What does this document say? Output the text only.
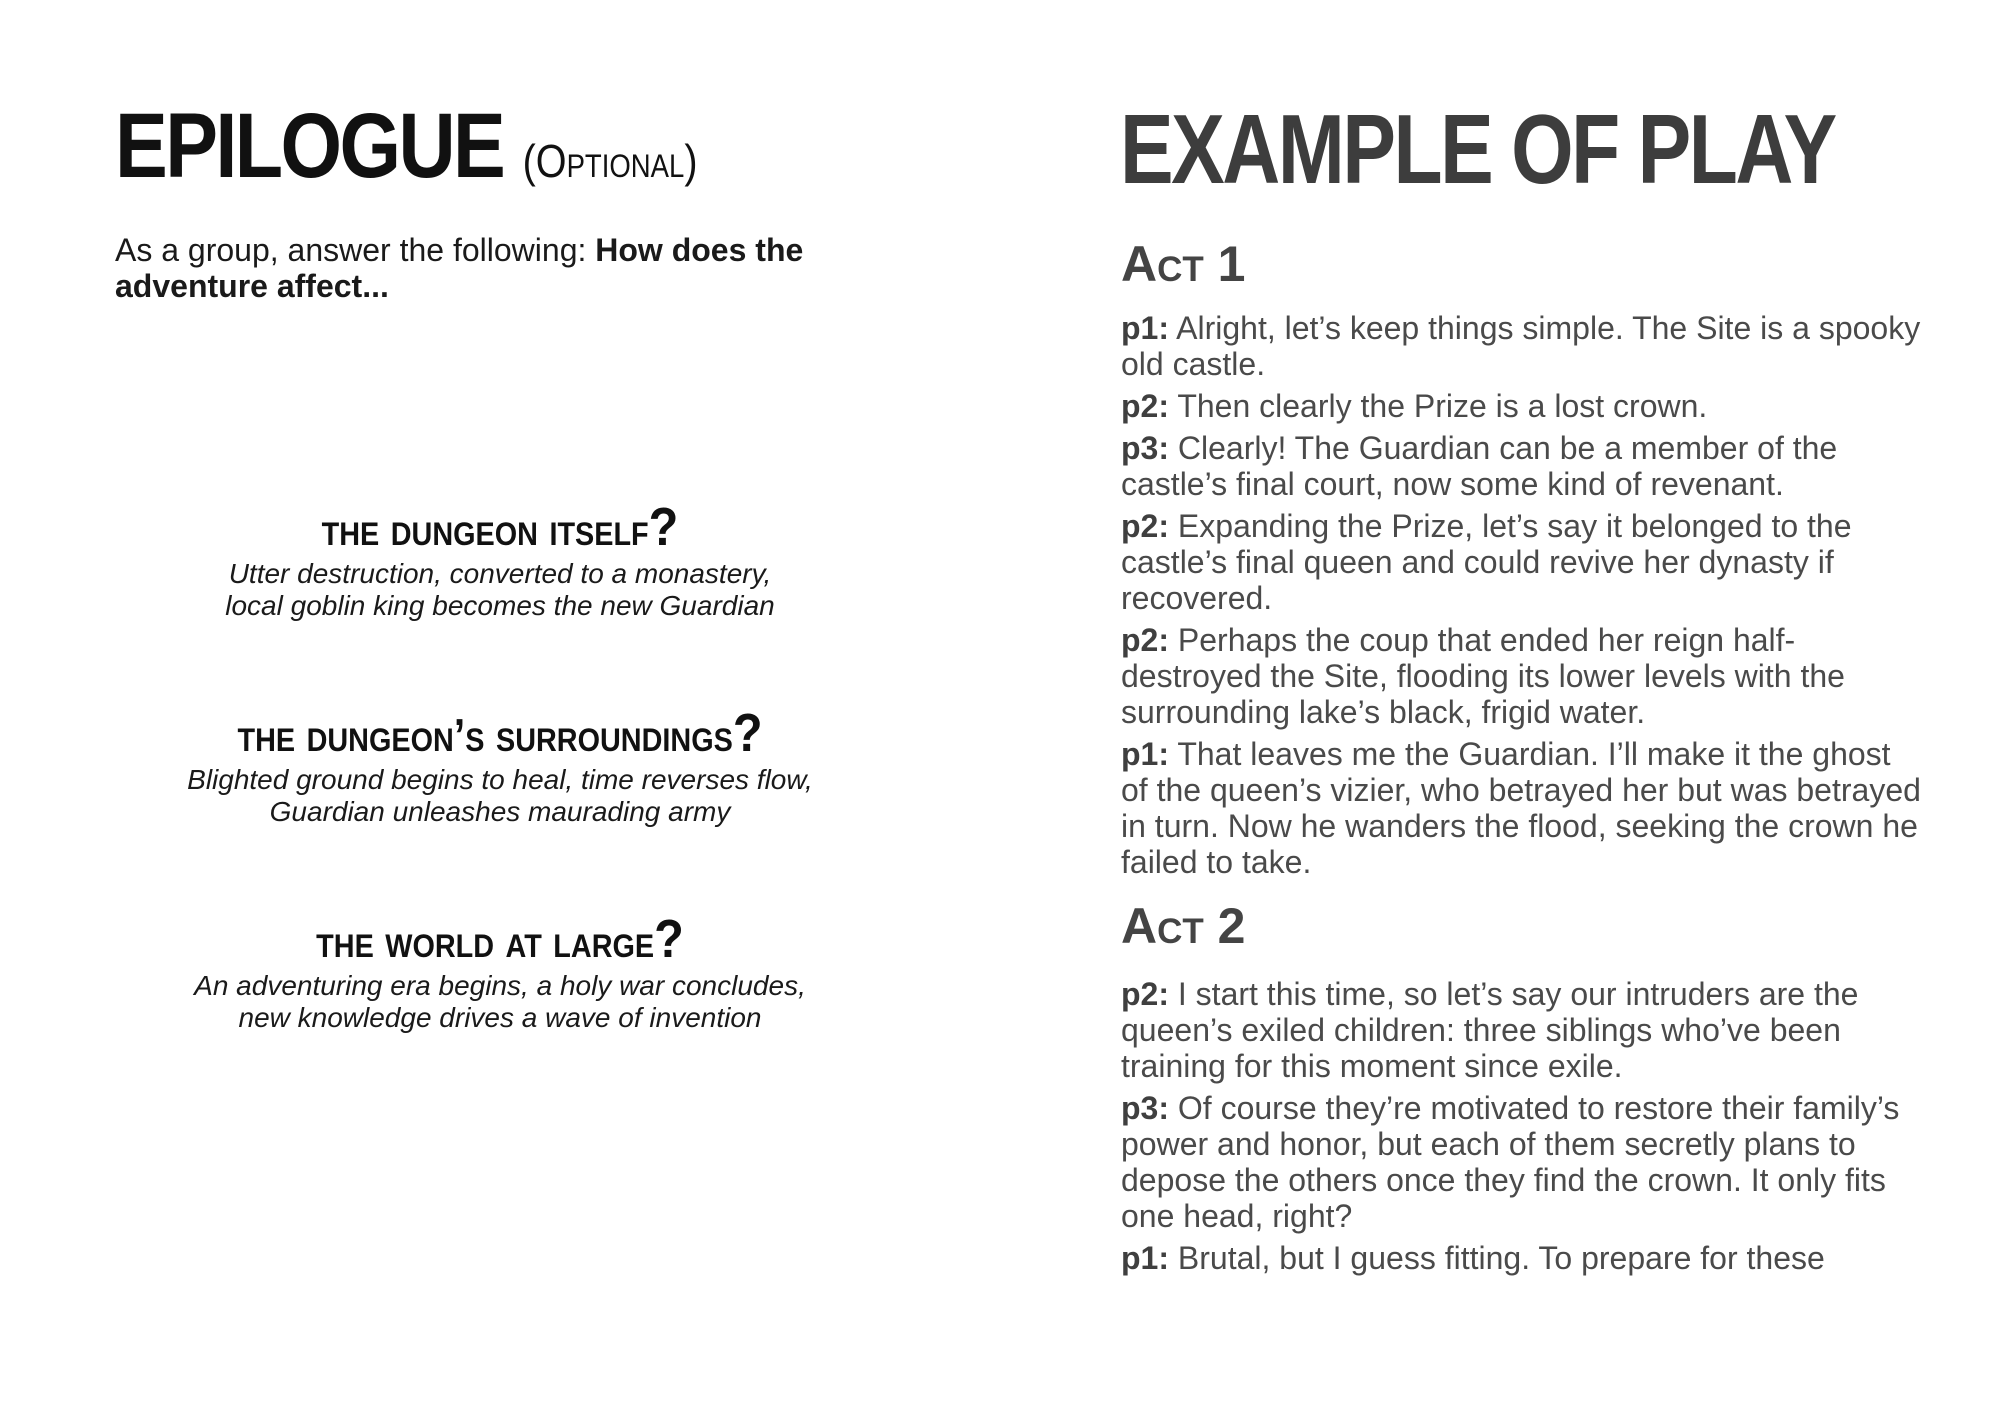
EPILOGUE (Optional)

As a group, answer the following: How does the adventure affect...

the dungeon itself?

Utter destruction, converted to a monastery,

local goblin king becomes the new Guardian

the dungeon’s surroundings?

Blighted ground begins to heal, time reverses flow,

Guardian unleashes maurading army

the world at large?

An adventuring era begins, a holy war concludes,

new knowledge drives a wave of invention

EXAMPLE OF PLAY
Act 1

p1: Alright, let’s keep things simple. The Site is a spooky old castle.

p2: Then clearly the Prize is a lost crown.

p3: Clearly! The Guardian can be a member of the castle’s final court, now some kind of revenant.

p2: Expanding the Prize, let’s say it belonged to the castle’s final queen and could revive her dynasty if recovered.

p2: Perhaps the coup that ended her reign half-destroyed the Site, flooding its lower levels with the surrounding lake’s black, frigid water.

p1: That leaves me the Guardian. I’ll make it the ghost of the queen’s vizier, who betrayed her but was betrayed in turn. Now he wanders the flood, seeking the crown he failed to take.

Act 2

p2: I start this time, so let’s say our intruders are the queen’s exiled children: three siblings who’ve been training for this moment since exile.

p3: Of course they’re motivated to restore their family’s power and honor, but each of them secretly plans to depose the others once they find the crown. It only fits one head, right?

p1: Brutal, but I guess fitting. To prepare for these
